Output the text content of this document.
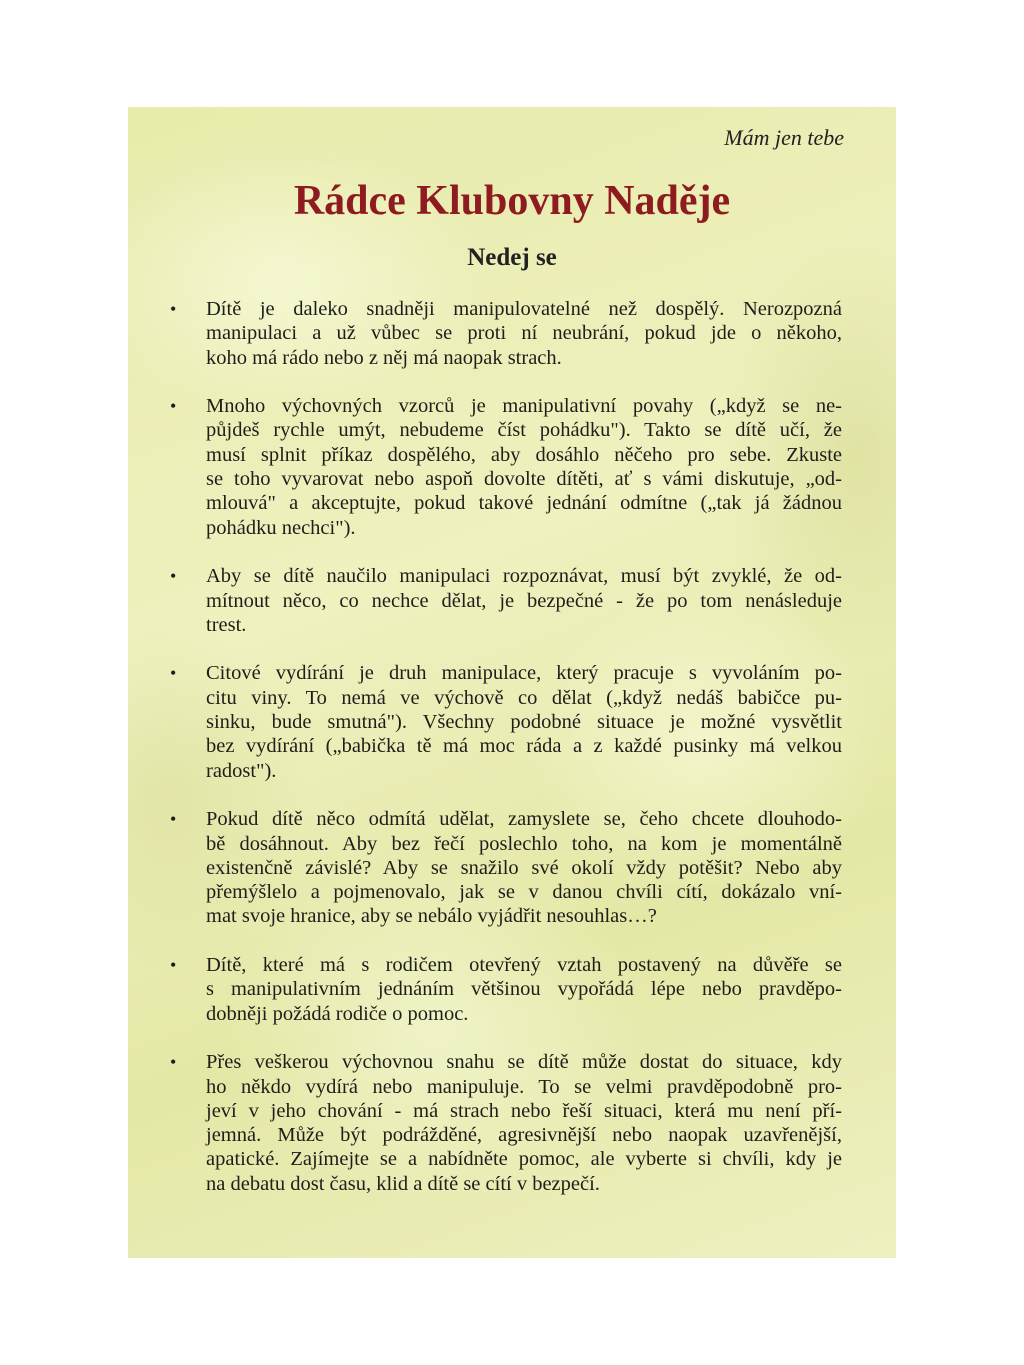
Mám jen tebe
Rádce Klubovny Naděje
Nedej se
• Dítě je daleko snadněji manipulovatelné než dospělý. Nerozpozná
manipulaci a už vůbec se proti ní neubrání, pokud jde o někoho,
koho má rádo nebo z něj má naopak strach.
• Mnoho výchovných vzorců je manipulativní povahy („když se ne-
půjdeš rychle umýt, nebudeme číst pohádku"). Takto se dítě učí, že
musí splnit příkaz dospělého, aby dosáhlo něčeho pro sebe. Zkuste
se toho vyvarovat nebo aspoň dovolte dítěti, ať s vámi diskutuje, „od-
mlouvá" a akceptujte, pokud takové jednání odmítne („tak já žádnou
pohádku nechci").
• Aby se dítě naučilo manipulaci rozpoznávat, musí být zvyklé, že od-
mítnout něco, co nechce dělat, je bezpečné - že po tom nenásleduje
trest.
• Citové vydírání je druh manipulace, který pracuje s vyvoláním po-
citu viny. To nemá ve výchově co dělat („když nedáš babičce pu-
sinku, bude smutná"). Všechny podobné situace je možné vysvětlit
bez vydírání („babička tě má moc ráda a z každé pusinky má velkou
radost").
• Pokud dítě něco odmítá udělat, zamyslete se, čeho chcete dlouhodo-
bě dosáhnout. Aby bez řečí poslechlo toho, na kom je momentálně
existenčně závislé? Aby se snažilo své okolí vždy potěšit? Nebo aby
přemýšlelo a pojmenovalo, jak se v danou chvíli cítí, dokázalo vní-
mat svoje hranice, aby se nebálo vyjádřit nesouhlas…?
• Dítě, které má s rodičem otevřený vztah postavený na důvěře se
s manipulativním jednáním většinou vypořádá lépe nebo pravděpo-
dobněji požádá rodiče o pomoc.
• Přes veškerou výchovnou snahu se dítě může dostat do situace, kdy
ho někdo vydírá nebo manipuluje. To se velmi pravděpodobně pro-
jeví v jeho chování - má strach nebo řeší situaci, která mu není pří-
jemná. Může být podrážděné, agresivnější nebo naopak uzavřenější,
apatické. Zajímejte se a nabídněte pomoc, ale vyberte si chvíli, kdy je
na debatu dost času, klid a dítě se cítí v bezpečí.
